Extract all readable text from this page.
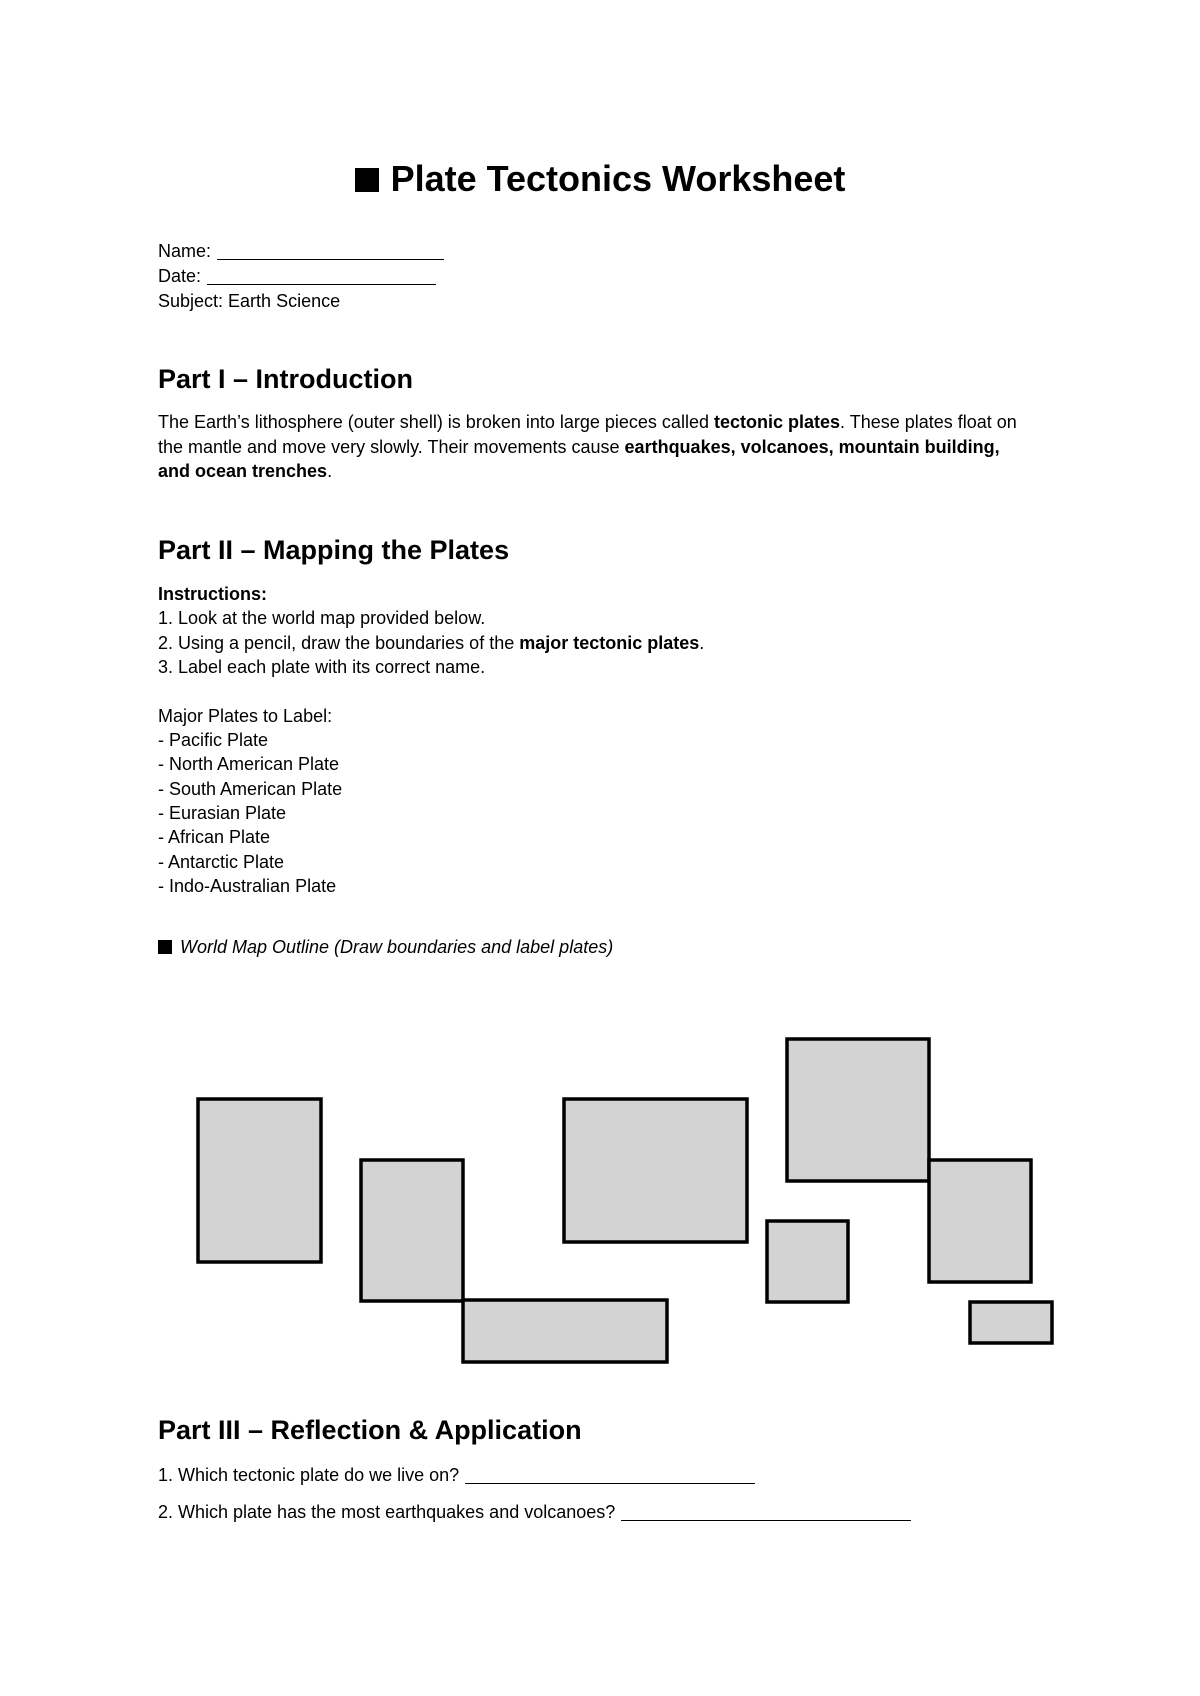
Plate Tectonics Worksheet
Name:
Date:
Subject: Earth Science
Part I – Introduction
The Earth’s lithosphere (outer shell) is broken into large pieces called tectonic plates. These plates float on the mantle and move very slowly. Their movements cause earthquakes, volcanoes, mountain building, and ocean trenches.
Part II – Mapping the Plates
Instructions:
1. Look at the world map provided below.
2. Using a pencil, draw the boundaries of the major tectonic plates.
3. Label each plate with its correct name.
Major Plates to Label:
- Pacific Plate
- North American Plate
- South American Plate
- Eurasian Plate
- African Plate
- Antarctic Plate
- Indo-Australian Plate
World Map Outline (Draw boundaries and label plates)
Part III – Reflection & Application
1. Which tectonic plate do we live on?
2. Which plate has the most earthquakes and volcanoes?
